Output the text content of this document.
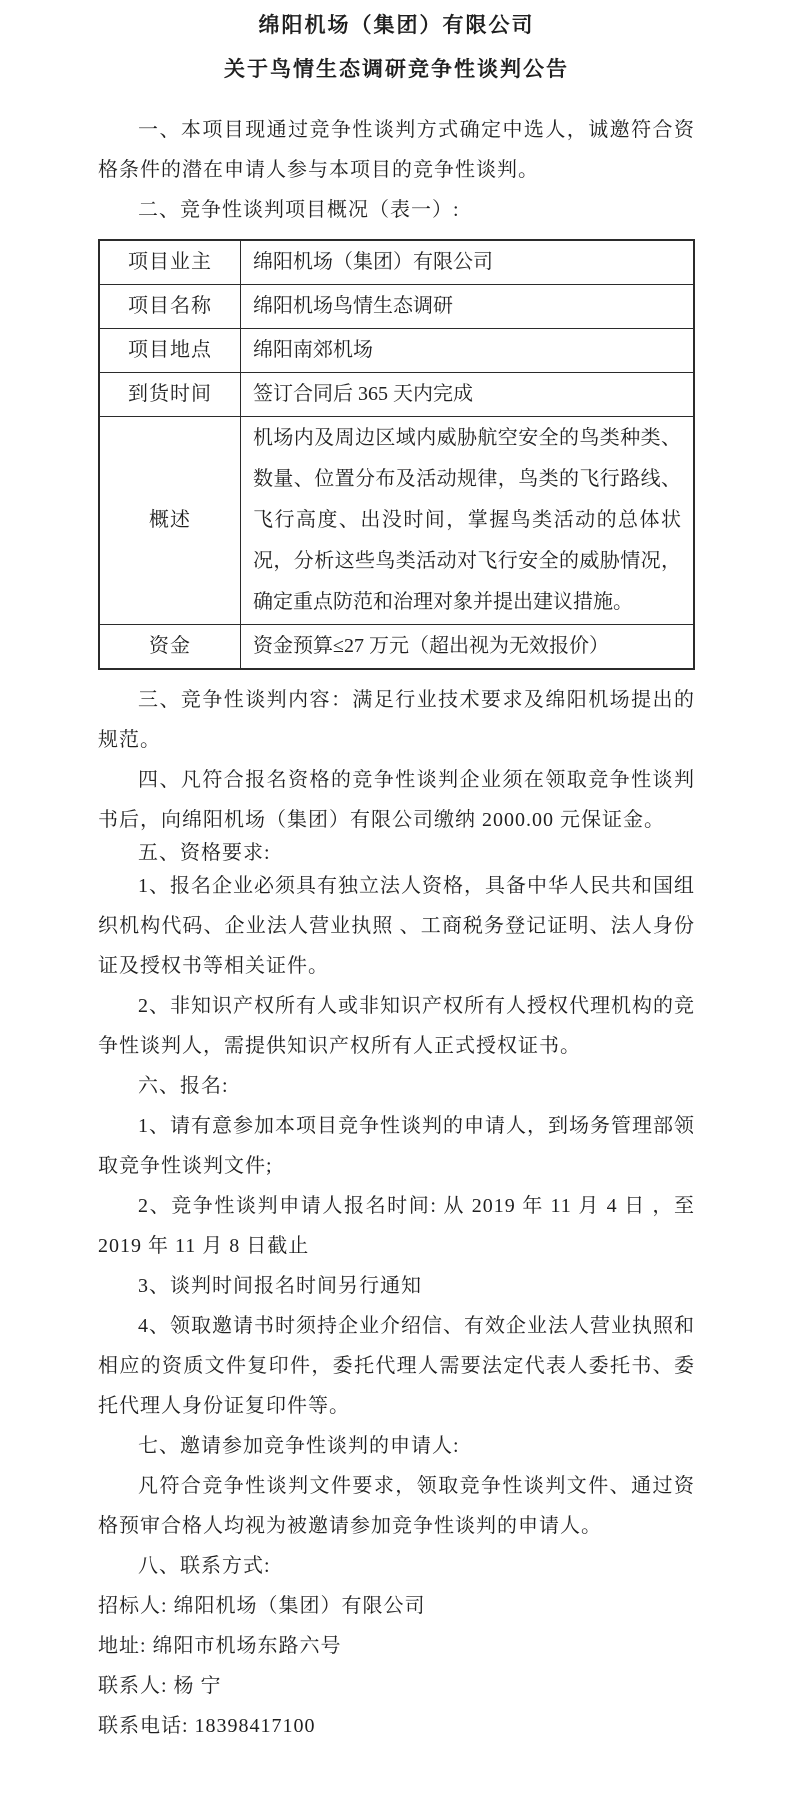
绵阳机场（集团）有限公司
关于鸟情生态调研竞争性谈判公告

一、本项目现通过竞争性谈判方式确定中选人，诚邀符合资格条件的潜在申请人参与本项目的竞争性谈判。

二、竞争性谈判项目概况（表一）:

项目业主	绵阳机场（集团）有限公司
项目名称	绵阳机场鸟情生态调研
项目地点	绵阳南郊机场
到货时间	签订合同后 365 天内完成
概述	机场内及周边区域内威胁航空安全的鸟类种类、数量、位置分布及活动规律，鸟类的飞行路线、飞行高度、出没时间，掌握鸟类活动的总体状况，分析这些鸟类活动对飞行安全的威胁情况，确定重点防范和治理对象并提出建议措施。
资金	资金预算≤27 万元（超出视为无效报价）

三、竞争性谈判内容：满足行业技术要求及绵阳机场提出的规范。

四、凡符合报名资格的竞争性谈判企业须在领取竞争性谈判书后，向绵阳机场（集团）有限公司缴纳 2000.00 元保证金。

五、资格要求:

1、报名企业必须具有独立法人资格，具备中华人民共和国组织机构代码、企业法人营业执照 、工商税务登记证明、法人身份证及授权书等相关证件。

2、非知识产权所有人或非知识产权所有人授权代理机构的竞争性谈判人，需提供知识产权所有人正式授权证书。

六、报名:

1、请有意参加本项目竞争性谈判的申请人，到场务管理部领取竞争性谈判文件;

2、竞争性谈判申请人报名时间: 从 2019 年 11 月 4 日 ，至 2019 年 11 月 8 日截止

3、谈判时间报名时间另行通知

4、领取邀请书时须持企业介绍信、有效企业法人营业执照和相应的资质文件复印件，委托代理人需要法定代表人委托书、委托代理人身份证复印件等。

七、邀请参加竞争性谈判的申请人:

凡符合竞争性谈判文件要求，领取竞争性谈判文件、通过资格预审合格人均视为被邀请参加竞争性谈判的申请人。

八、联系方式:

招标人: 绵阳机场（集团）有限公司

地址: 绵阳市机场东路六号

联系人: 杨 宁

联系电话: 18398417100
